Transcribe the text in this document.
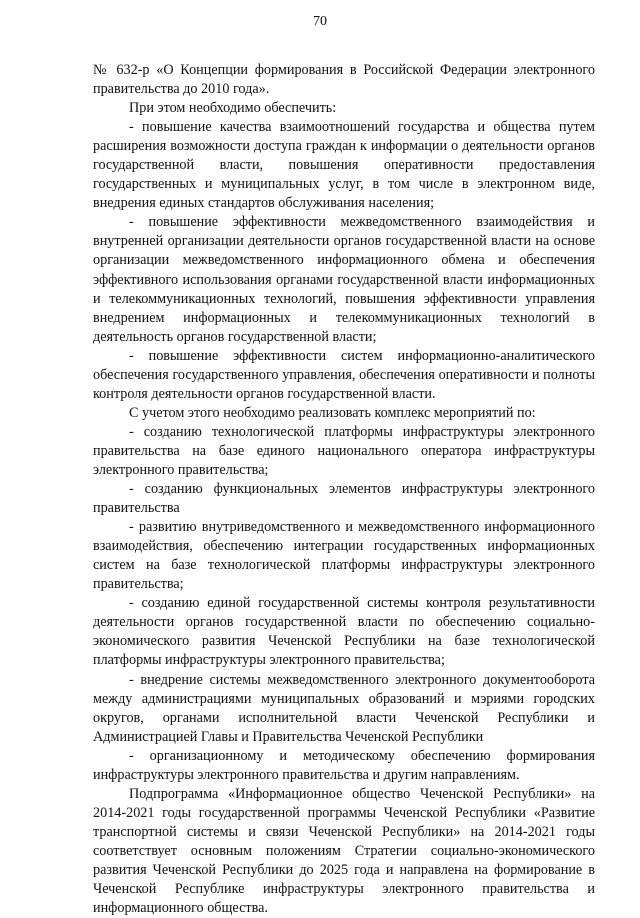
70

№ 632-р «О Концепции формирования в Российской Федерации электронного правительства до 2010 года».

При этом необходимо обеспечить:

- повышение качества взаимоотношений государства и общества путем расширения возможности доступа граждан к информации о деятельности органов государственной власти, повышения оперативности предоставления государственных и муниципальных услуг, в том числе в электронном виде, внедрения единых стандартов обслуживания населения;

- повышение эффективности межведомственного взаимодействия и внутренней организации деятельности органов государственной власти на основе организации межведомственного информационного обмена и обеспечения эффективного использования органами государственной власти информационных и телекоммуникационных технологий, повышения эффективности управления внедрением информационных и телекоммуникационных технологий в деятельность органов государственной власти;

- повышение эффективности систем информационно-аналитического обеспечения государственного управления, обеспечения оперативности и полноты контроля деятельности органов государственной власти.

С учетом этого необходимо реализовать комплекс мероприятий по:

- созданию технологической платформы инфраструктуры электронного правительства на базе единого национального оператора инфраструктуры электронного правительства;

- созданию функциональных элементов инфраструктуры электронного правительства

- развитию внутриведомственного и межведомственного информационного взаимодействия, обеспечению интеграции государственных информационных систем на базе технологической платформы инфраструктуры электронного правительства;

- созданию единой государственной системы контроля результативности деятельности органов государственной власти по обеспечению социально-экономического развития Чеченской Республики на базе технологической платформы инфраструктуры электронного правительства;

- внедрение системы межведомственного электронного документооборота между администрациями муниципальных образований и мэриями городских округов, органами исполнительной власти Чеченской Республики и Администрацией Главы и Правительства Чеченской Республики

- организационному и методическому обеспечению формирования инфраструктуры электронного правительства и другим направлениям.

Подпрограмма «Информационное общество Чеченской Республики» на 2014-2021 годы государственной программы Чеченской Республики «Развитие транспортной системы и связи Чеченской Республики» на 2014-2021 годы соответствует основным положениям Стратегии социально-экономического развития Чеченской Республики до 2025 года и направлена на формирование в Чеченской Республике инфраструктуры электронного правительства и информационного общества.
